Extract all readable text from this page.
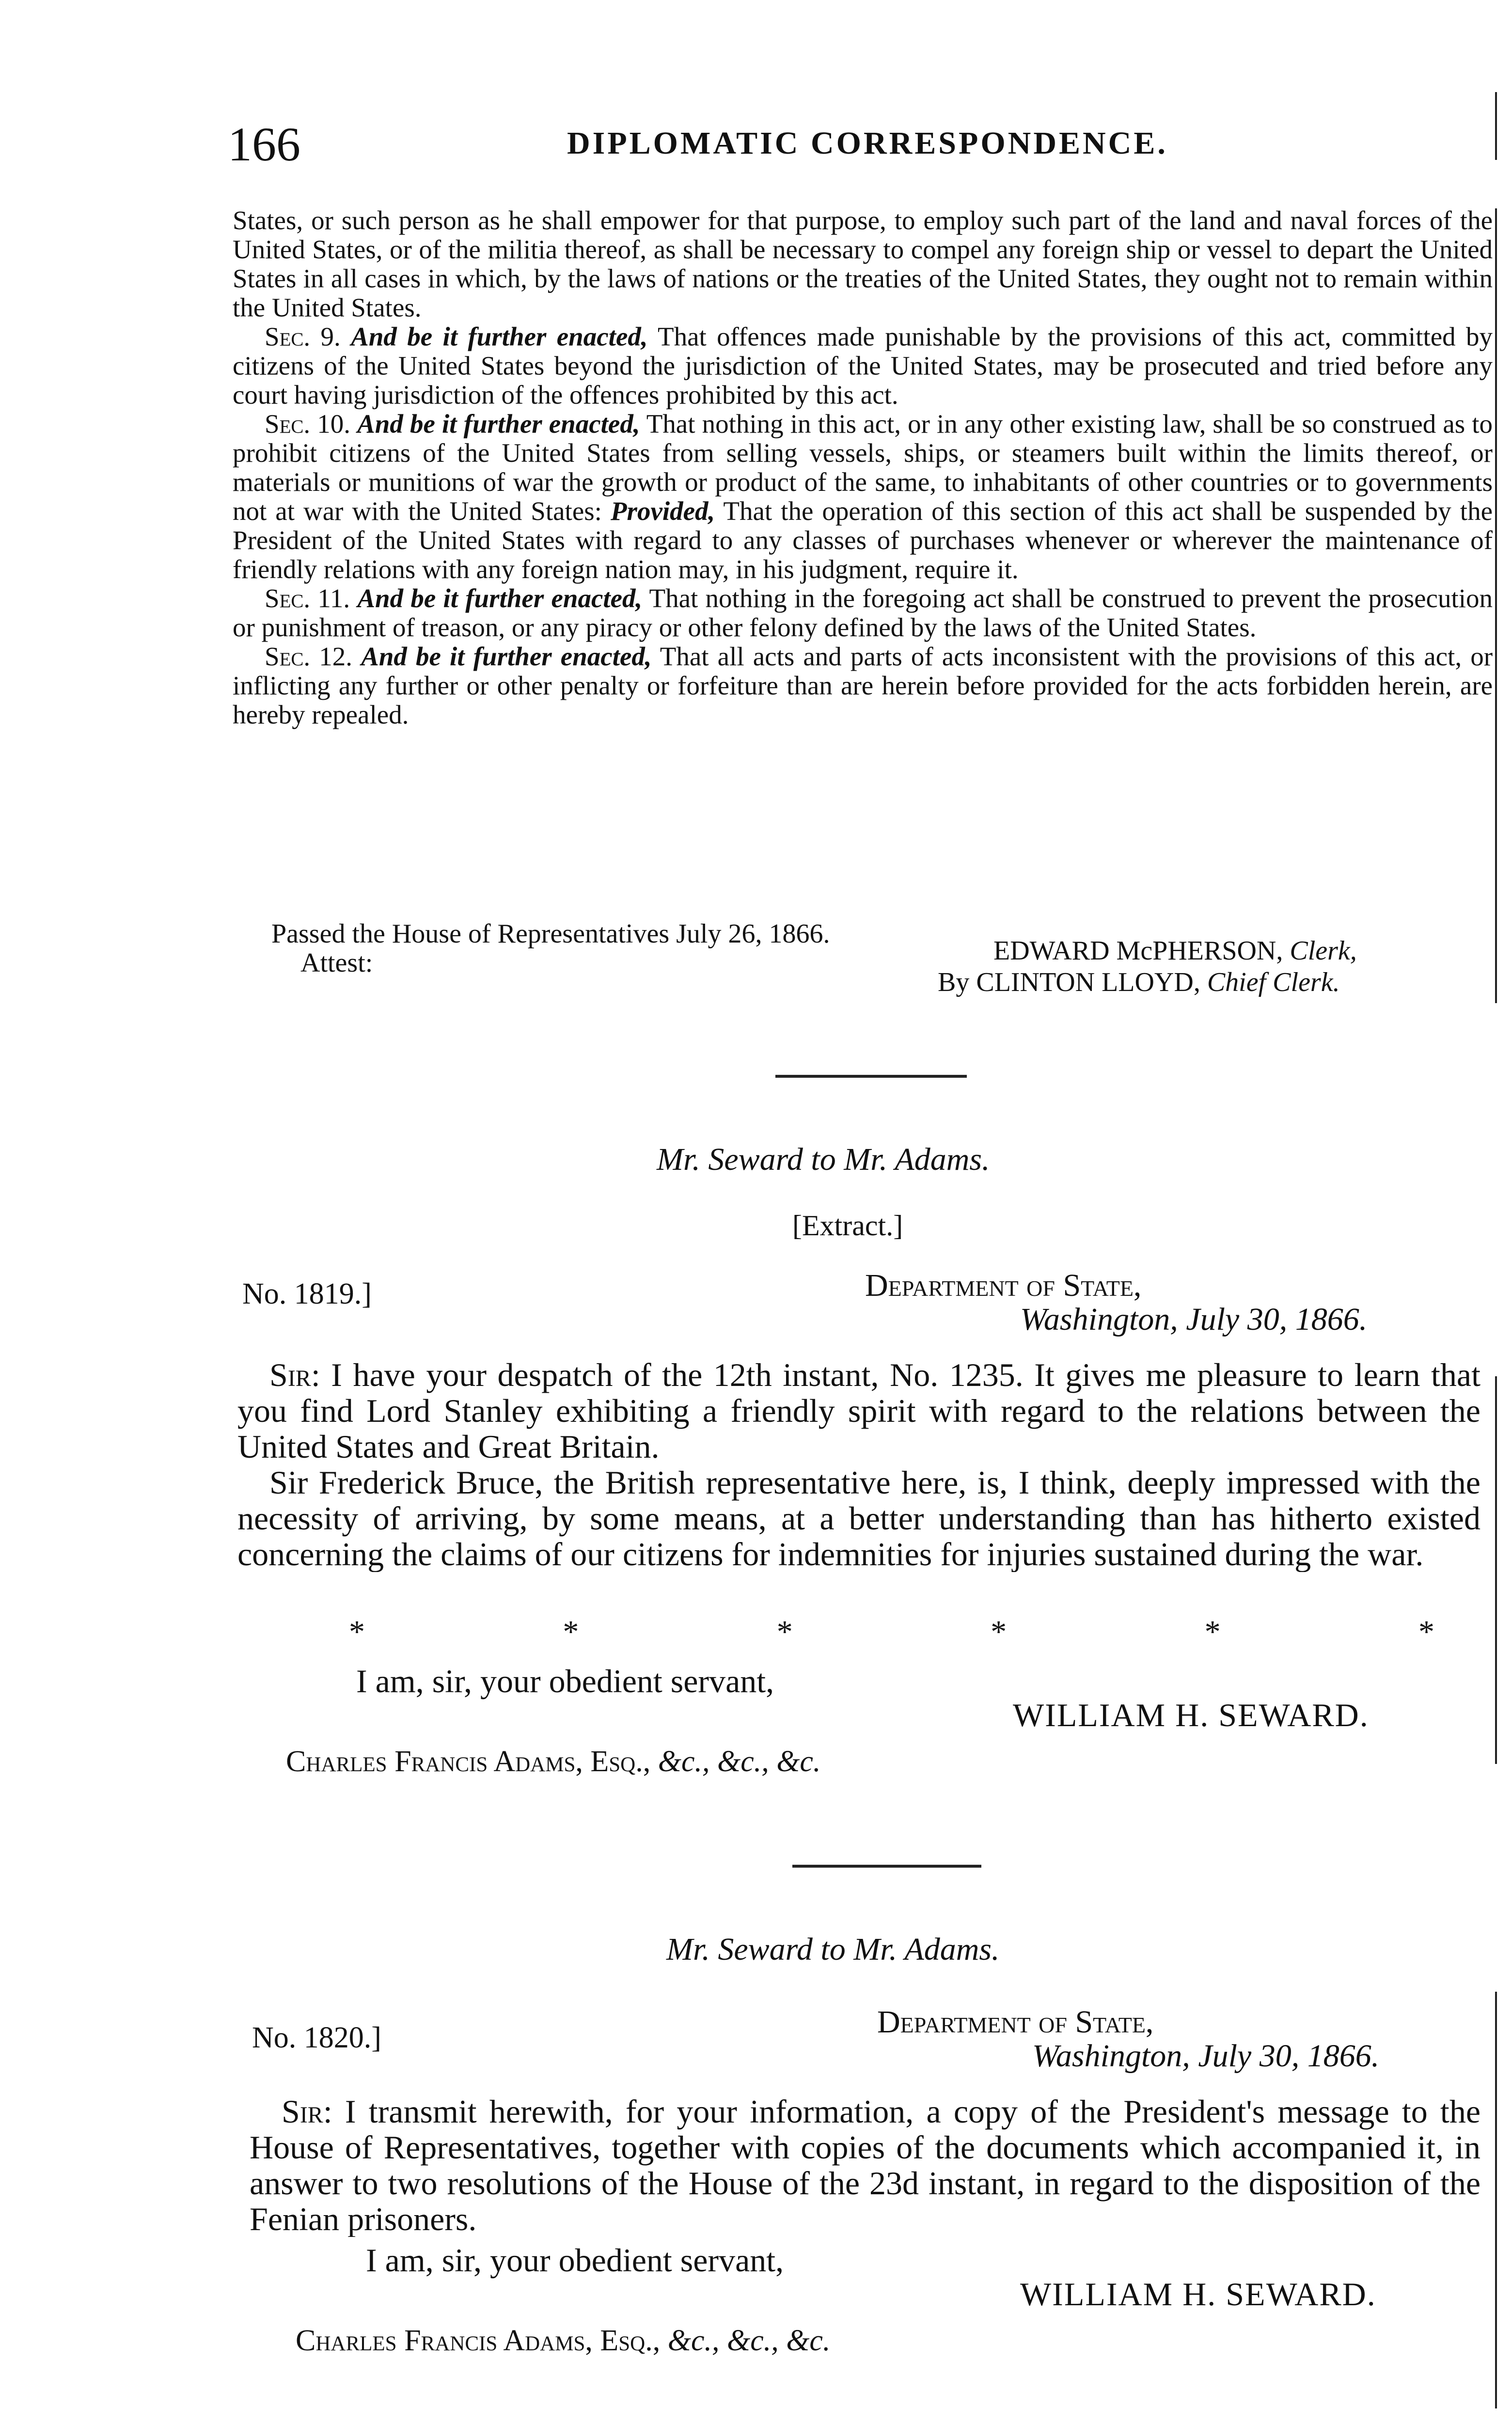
166	DIPLOMATIC CORRESPONDENCE.

States, or such person as he shall empower for that purpose, to employ such part of the land and naval forces of the United States, or of the militia thereof, as shall be necessary to compel any foreign ship or vessel to depart the United States in all cases in which, by the laws of nations or the treaties of the United States, they ought not to remain within the United States.

Sec. 9. And be it further enacted, That offences made punishable by the provisions of this act, committed by citizens of the United States beyond the jurisdiction of the United States, may be prosecuted and tried before any court having jurisdiction of the offences prohibited by this act.

Sec. 10. And be it further enacted, That nothing in this act, or in any other existing law, shall be so construed as to prohibit citizens of the United States from selling vessels, ships, or steamers built within the limits thereof, or materials or munitions of war the growth or product of the same, to inhabitants of other countries or to governments not at war with the United States: Provided, That the operation of this section of this act shall be suspended by the President of the United States with regard to any classes of purchases whenever or wherever the maintenance of friendly relations with any foreign nation may, in his judgment, require it.

Sec. 11. And be it further enacted, That nothing in the foregoing act shall be construed to prevent the prosecution or punishment of treason, or any piracy or other felony defined by the laws of the United States.

Sec. 12. And be it further enacted, That all acts and parts of acts inconsistent with the provisions of this act, or inflicting any further or other penalty or forfeiture than are herein before provided for the acts forbidden herein, are hereby repealed.

Passed the House of Representatives July 26, 1866.
Attest:	EDWARD McPHERSON, Clerk,
By CLINTON LLOYD, Chief Clerk.
Mr. Seward to Mr. Adams.
[Extract.]
No. 1819.]	Department of State,
Washington, July 30, 1866.

Sir: I have your despatch of the 12th instant, No. 1235. It gives me pleasure to learn that you find Lord Stanley exhibiting a friendly spirit with regard to the relations between the United States and Great Britain.

Sir Frederick Bruce, the British representative here, is, I think, deeply impressed with the necessity of arriving, by some means, at a better understanding than has hitherto existed concerning the claims of our citizens for indemnities for injuries sustained during the war.

*	*	*	*	*	*
I am, sir, your obedient servant,
WILLIAM H. SEWARD.
Charles Francis Adams, Esq., &c., &c., &c.
Mr. Seward to Mr. Adams.
No. 1820.]	Department of State,
Washington, July 30, 1866.

Sir: I transmit herewith, for your information, a copy of the President's message to the House of Representatives, together with copies of the documents which accompanied it, in answer to two resolutions of the House of the 23d instant, in regard to the disposition of the Fenian prisoners.

I am, sir, your obedient servant,
WILLIAM H. SEWARD.
Charles Francis Adams, Esq., &c., &c., &c.
